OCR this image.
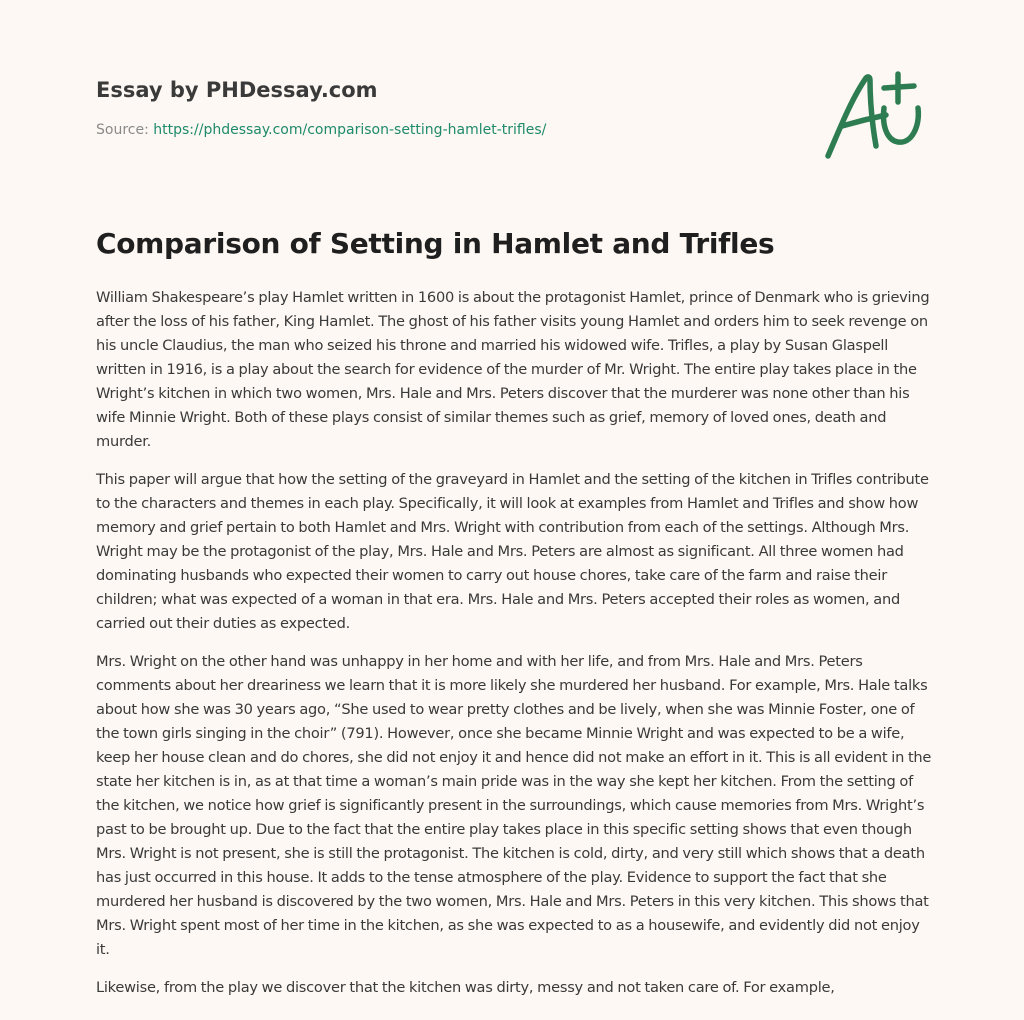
Essay by PHDessay.com
Source: https://phdessay.com/comparison-setting-hamlet-trifles/
Comparison of Setting in Hamlet and Trifles

William Shakespeare’s play Hamlet written in 1600 is about the protagonist Hamlet, prince of Denmark who is grieving after the loss of his father, King Hamlet. The ghost of his father visits young Hamlet and orders him to seek revenge on his uncle Claudius, the man who seized his throne and married his widowed wife. Trifles, a play by Susan Glaspell written in 1916, is a play about the search for evidence of the murder of Mr. Wright. The entire play takes place in the Wright’s kitchen in which two women, Mrs. Hale and Mrs. Peters discover that the murderer was none other than his wife Minnie Wright. Both of these plays consist of similar themes such as grief, memory of loved ones, death and murder.

This paper will argue that how the setting of the graveyard in Hamlet and the setting of the kitchen in Trifles contribute to the characters and themes in each play. Specifically, it will look at examples from Hamlet and Trifles and show how memory and grief pertain to both Hamlet and Mrs. Wright with contribution from each of the settings. Although Mrs. Wright may be the protagonist of the play, Mrs. Hale and Mrs. Peters are almost as significant. All three women had dominating husbands who expected their women to carry out house chores, take care of the farm and raise their children; what was expected of a woman in that era. Mrs. Hale and Mrs. Peters accepted their roles as women, and carried out their duties as expected.

Mrs. Wright on the other hand was unhappy in her home and with her life, and from Mrs. Hale and Mrs. Peters comments about her dreariness we learn that it is more likely she murdered her husband. For example, Mrs. Hale talks about how she was 30 years ago, “She used to wear pretty clothes and be lively, when she was Minnie Foster, one of the town girls singing in the choir” (791). However, once she became Minnie Wright and was expected to be a wife, keep her house clean and do chores, she did not enjoy it and hence did not make an effort in it. This is all evident in the state her kitchen is in, as at that time a woman’s main pride was in the way she kept her kitchen. From the setting of the kitchen, we notice how grief is significantly present in the surroundings, which cause memories from Mrs. Wright’s past to be brought up. Due to the fact that the entire play takes place in this specific setting shows that even though Mrs. Wright is not present, she is still the protagonist. The kitchen is cold, dirty, and very still which shows that a death has just occurred in this house. It adds to the tense atmosphere of the play. Evidence to support the fact that she murdered her husband is discovered by the two women, Mrs. Hale and Mrs. Peters in this very kitchen. This shows that Mrs. Wright spent most of her time in the kitchen, as she was expected to as a housewife, and evidently did not enjoy it.

Likewise, from the play we discover that the kitchen was dirty, messy and not taken care of. For example,
